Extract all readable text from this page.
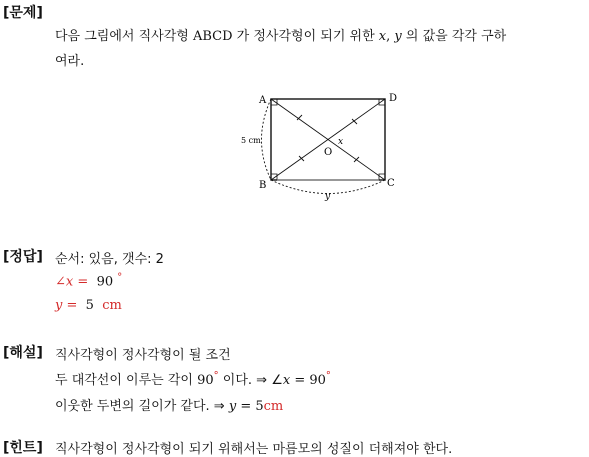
[문제]
다음 그림에서 직사각형 ABCD 가 정사각형이 되기 위한 x, y 의 값을 각각 구하
여라.
A	D
B	C
O
x
y
5 cm
[정답] 순서: 있음, 갯수: 2
∠x =  90 °
y =  5 cm
[해설] 직사각형이 정사각형이 될 조건
두 대각선이 이루는 각이 90° 이다. ⇒ ∠x = 90°
이웃한 두변의 길이가 같다. ⇒ y = 5cm
[힌트] 직사각형이 정사각형이 되기 위해서는 마름모의 성질이 더해져야 한다.
